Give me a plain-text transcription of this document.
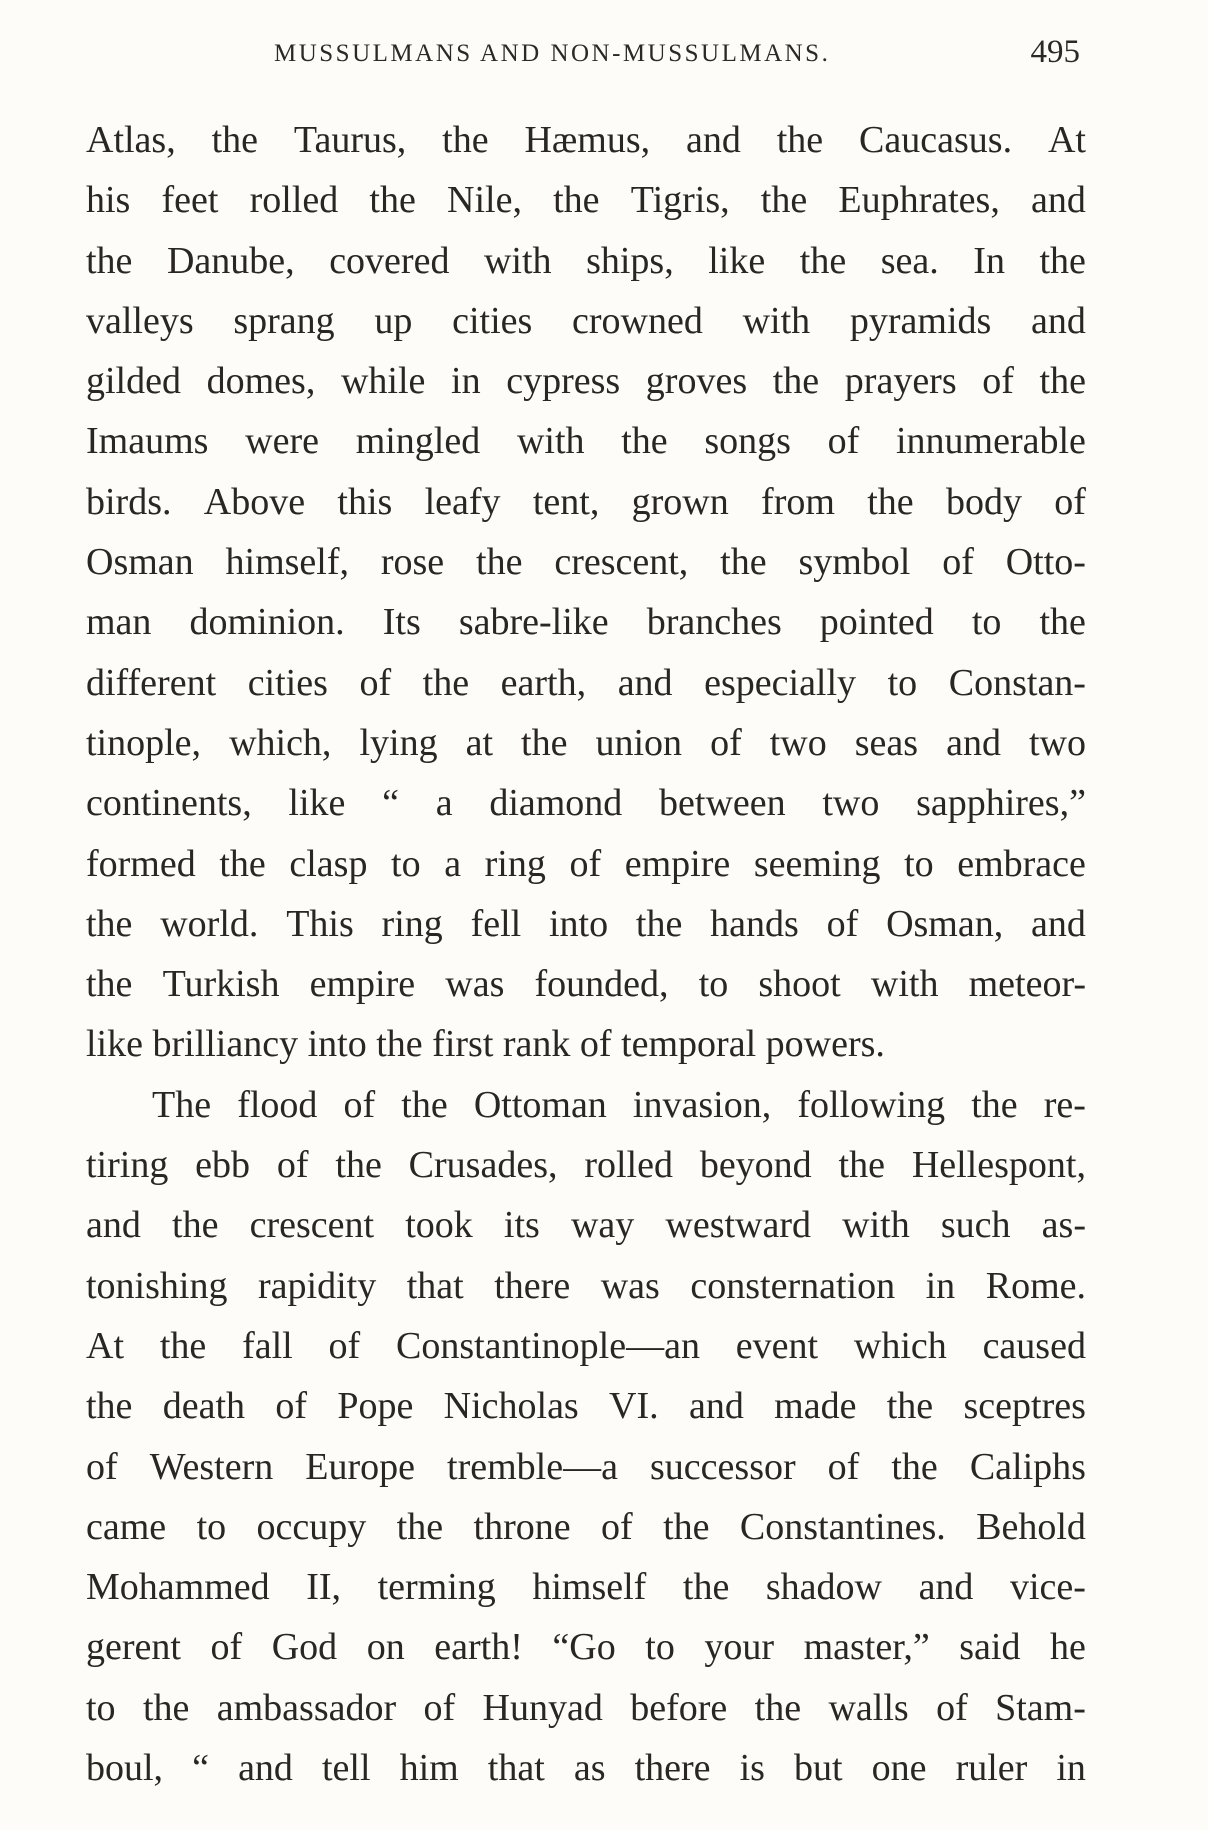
MUSSULMANS AND NON-MUSSULMANS.	495
Atlas, the Taurus, the Hæmus, and the Caucasus. At
his feet rolled the Nile, the Tigris, the Euphrates, and
the Danube, covered with ships, like the sea. In the
valleys sprang up cities crowned with pyramids and
gilded domes, while in cypress groves the prayers of the
Imaums were mingled with the songs of innumerable
birds. Above this leafy tent, grown from the body of
Osman himself, rose the crescent, the symbol of Otto-
man dominion. Its sabre-like branches pointed to the
different cities of the earth, and especially to Constan-
tinople, which, lying at the union of two seas and two
continents, like “ a diamond between two sapphires,”
formed the clasp to a ring of empire seeming to embrace
the world. This ring fell into the hands of Osman, and
the Turkish empire was founded, to shoot with meteor-
like brilliancy into the first rank of temporal powers.
The flood of the Ottoman invasion, following the re-
tiring ebb of the Crusades, rolled beyond the Hellespont,
and the crescent took its way westward with such as-
tonishing rapidity that there was consternation in Rome.
At the fall of Constantinople—an event which caused
the death of Pope Nicholas VI. and made the sceptres
of Western Europe tremble—a successor of the Caliphs
came to occupy the throne of the Constantines. Behold
Mohammed II, terming himself the shadow and vice-
gerent of God on earth! “Go to your master,” said he
to the ambassador of Hunyad before the walls of Stam-
boul, “ and tell him that as there is but one ruler in
